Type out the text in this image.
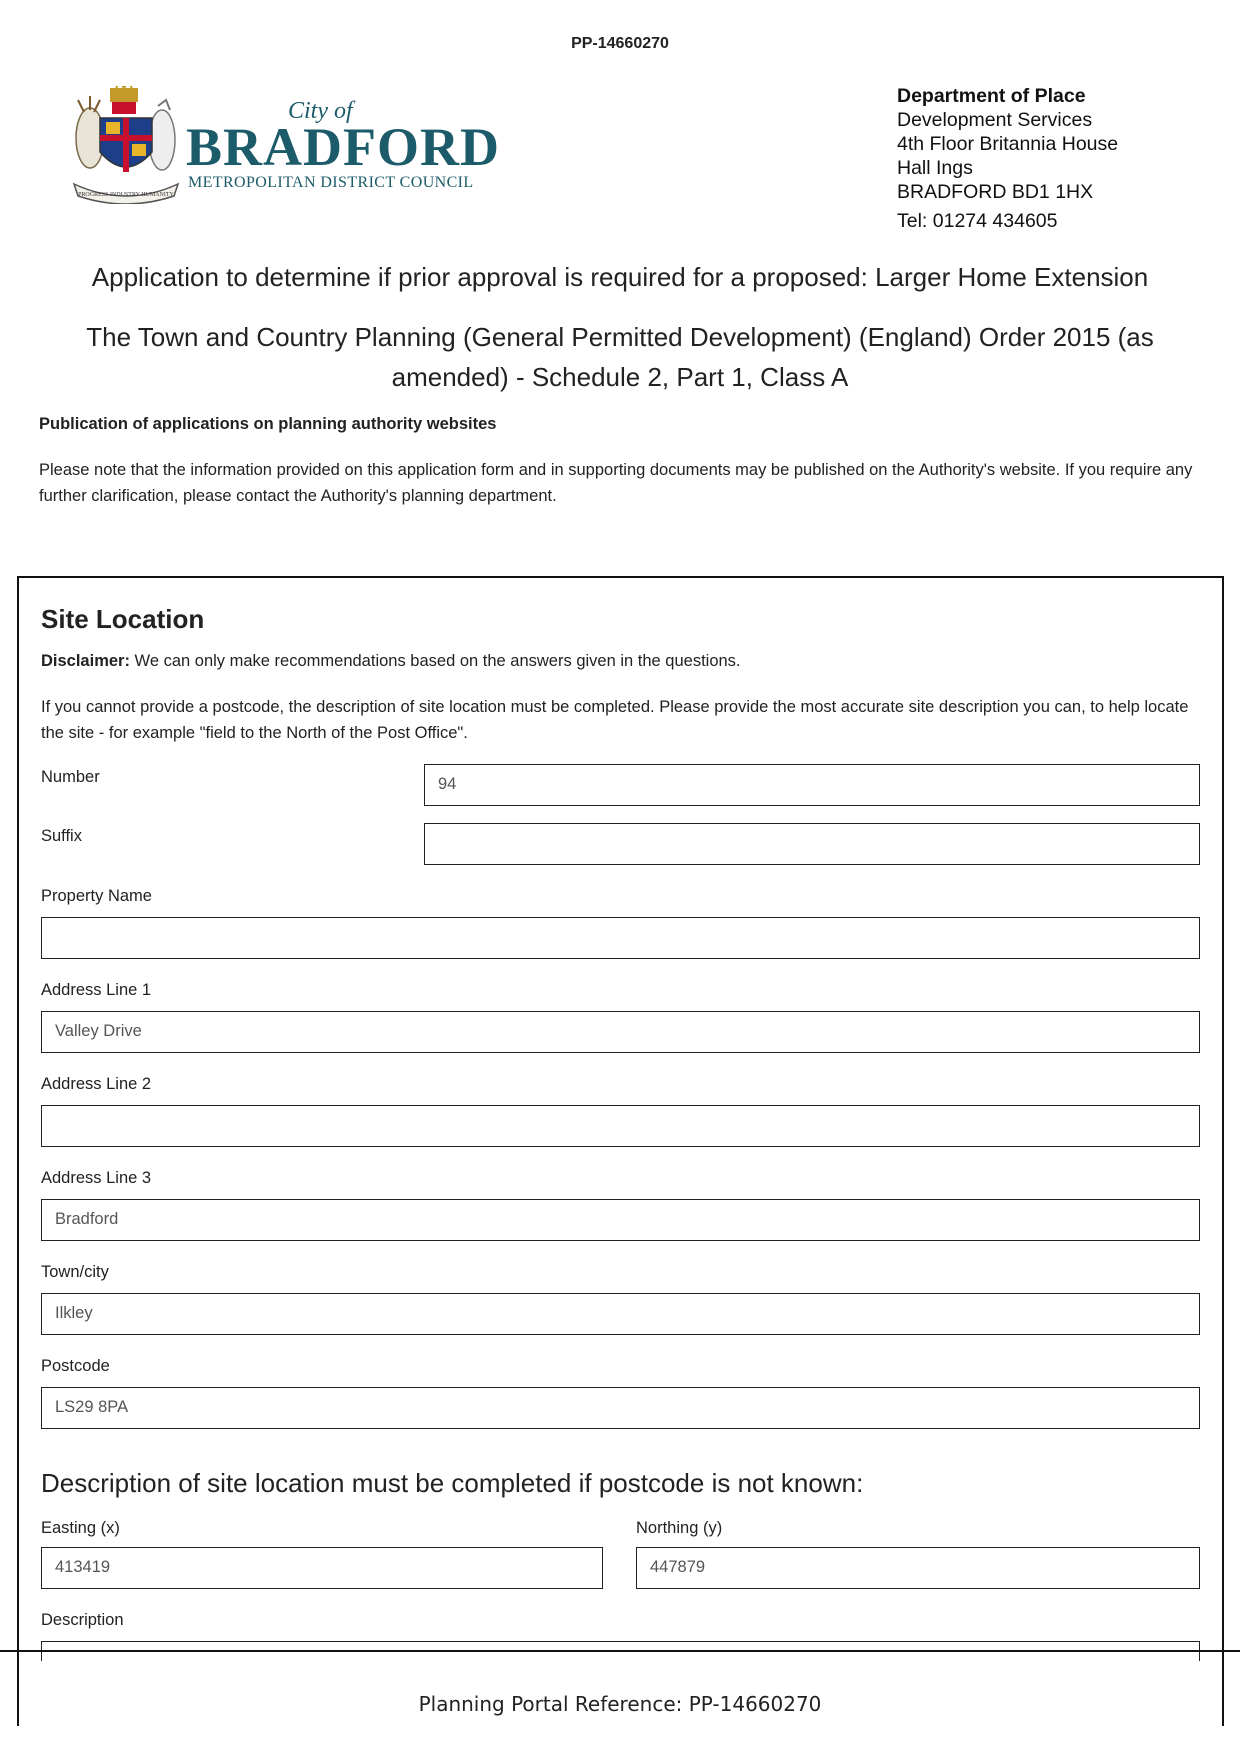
PP-14660270
PROGRESS INDUSTRY HUMANITY
City of
BRADFORD
METROPOLITAN DISTRICT COUNCIL
Department of Place
Development Services
4th Floor Britannia House
Hall Ings
BRADFORD BD1 1HX
Tel: 01274 434605
Application to determine if prior approval is required for a proposed: Larger Home Extension
The Town and Country Planning (General Permitted Development) (England) Order 2015 (as amended) - Schedule 2, Part 1, Class A
Publication of applications on planning authority websites
Please note that the information provided on this application form and in supporting documents may be published on the Authority's website. If you require any further clarification, please contact the Authority's planning department.
Site Location
Disclaimer: We can only make recommendations based on the answers given in the questions.
If you cannot provide a postcode, the description of site location must be completed. Please provide the most accurate site description you can, to help locate the site - for example "field to the North of the Post Office".
Number	94
Suffix
Property Name
Address Line 1
Valley Drive
Address Line 2
Address Line 3
Bradford
Town/city
Ilkley
Postcode
LS29 8PA
Description of site location must be completed if postcode is not known:
Easting (x)
413419
Northing (y)
447879
Description
Planning Portal Reference: PP-14660270
